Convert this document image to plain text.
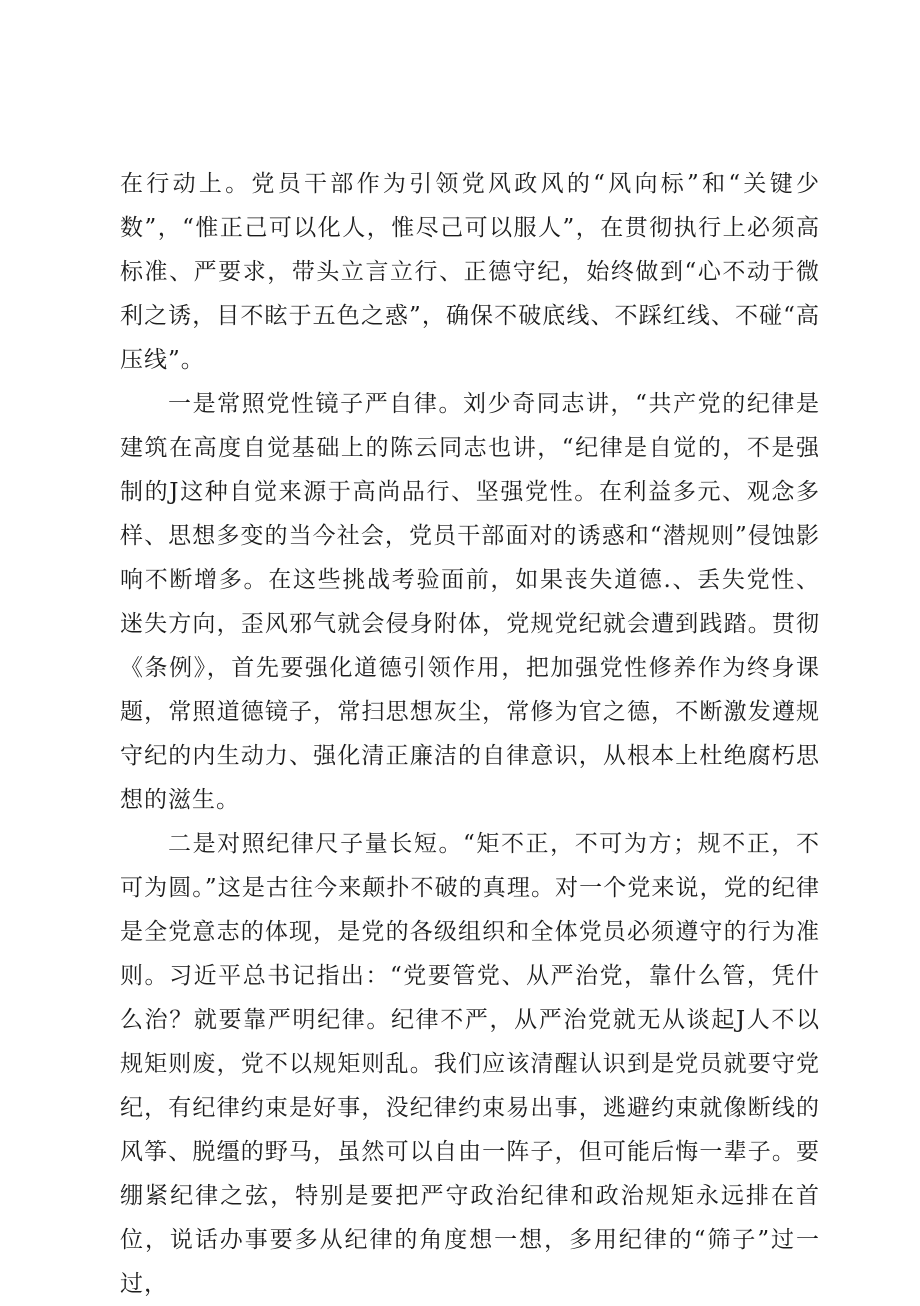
在行动上。党员干部作为引领党风政风的“风向标”和“关键少数”，“惟正己可以化人，惟尽己可以服人”，在贯彻执行上必须高标准、严要求，带头立言立行、正德守纪，始终做到“心不动于微利之诱，目不眩于五色之惑”，确保不破底线、不踩红线、不碰“高压线”。

一是常照党性镜子严自律。刘少奇同志讲，“共产党的纪律是建筑在高度自觉基础上的陈云同志也讲，“纪律是自觉的，不是强制的J这种自觉来源于高尚品行、坚强党性。在利益多元、观念多样、思想多变的当今社会，党员干部面对的诱惑和“潜规则”侵蚀影响不断增多。在这些挑战考验面前，如果丧失道德.、丢失党性、迷失方向，歪风邪气就会侵身附体，党规党纪就会遭到践踏。贯彻《条例》，首先要强化道德引领作用，把加强党性修养作为终身课题，常照道德镜子，常扫思想灰尘，常修为官之德，不断激发遵规守纪的内生动力、强化清正廉洁的自律意识，从根本上杜绝腐朽思想的滋生。

二是对照纪律尺子量长短。“矩不正，不可为方；规不正，不可为圆。”这是古往今来颠扑不破的真理。对一个党来说，党的纪律是全党意志的体现，是党的各级组织和全体党员必须遵守的行为准则。习近平总书记指出：“党要管党、从严治党，靠什么管，凭什么治？就要靠严明纪律。纪律不严，从严治党就无从谈起J人不以规矩则废，党不以规矩则乱。我们应该清醒认识到是党员就要守党纪，有纪律约束是好事，没纪律约束易出事，逃避约束就像断线的风筝、脱缰的野马，虽然可以自由一阵子，但可能后悔一辈子。要绷紧纪律之弦，特别是要把严守政治纪律和政治规矩永远排在首位，说话办事要多从纪律的角度想一想，多用纪律的“筛子”过一过，
